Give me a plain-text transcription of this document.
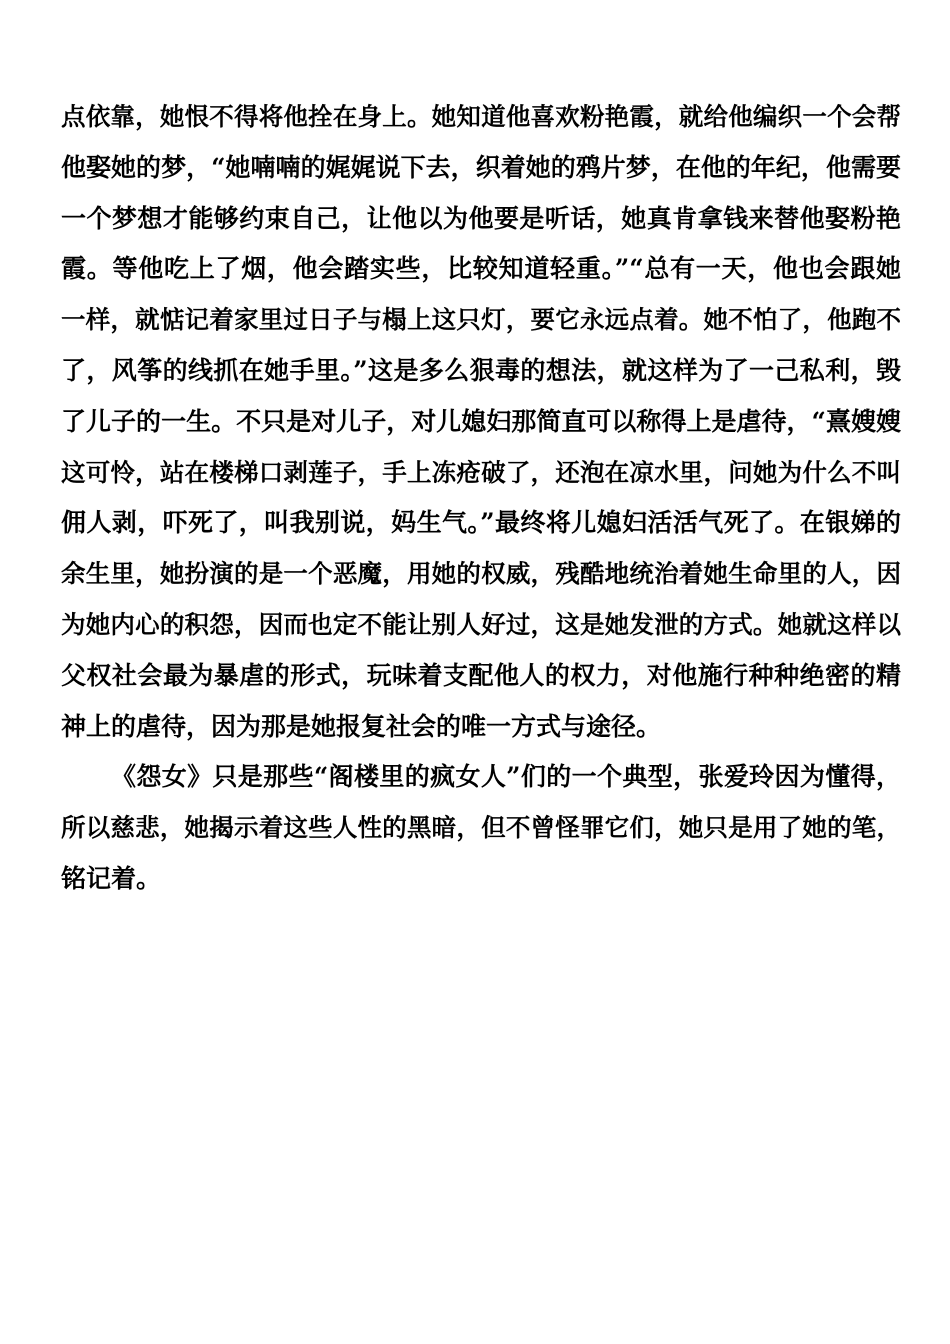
点依靠，她恨不得将他拴在身上。她知道他喜欢粉艳霞，就给他编织一个会帮
他娶她的梦，“她喃喃的娓娓说下去，织着她的鸦片梦，在他的年纪，他需要
一个梦想才能够约束自己，让他以为他要是听话，她真肯拿钱来替他娶粉艳
霞。等他吃上了烟，他会踏实些，比较知道轻重。”“总有一天，他也会跟她
一样，就惦记着家里过日子与榻上这只灯，要它永远点着。她不怕了，他跑不
了，风筝的线抓在她手里。”这是多么狠毒的想法，就这样为了一己私利，毁
了儿子的一生。不只是对儿子，对儿媳妇那简直可以称得上是虐待，“熹嫂嫂
这可怜，站在楼梯口剥莲子，手上冻疮破了，还泡在凉水里，问她为什么不叫
佣人剥，吓死了，叫我别说，妈生气。”最终将儿媳妇活活气死了。在银娣的
余生里，她扮演的是一个恶魔，用她的权威，残酷地统治着她生命里的人，因
为她内心的积怨，因而也定不能让别人好过，这是她发泄的方式。她就这样以
父权社会最为暴虐的形式，玩味着支配他人的权力，对他施行种种绝密的精
神上的虐待，因为那是她报复社会的唯一方式与途径。
《怨女》只是那些“阁楼里的疯女人”们的一个典型，张爱玲因为懂得，
所以慈悲，她揭示着这些人性的黑暗，但不曾怪罪它们，她只是用了她的笔，
铭记着。
